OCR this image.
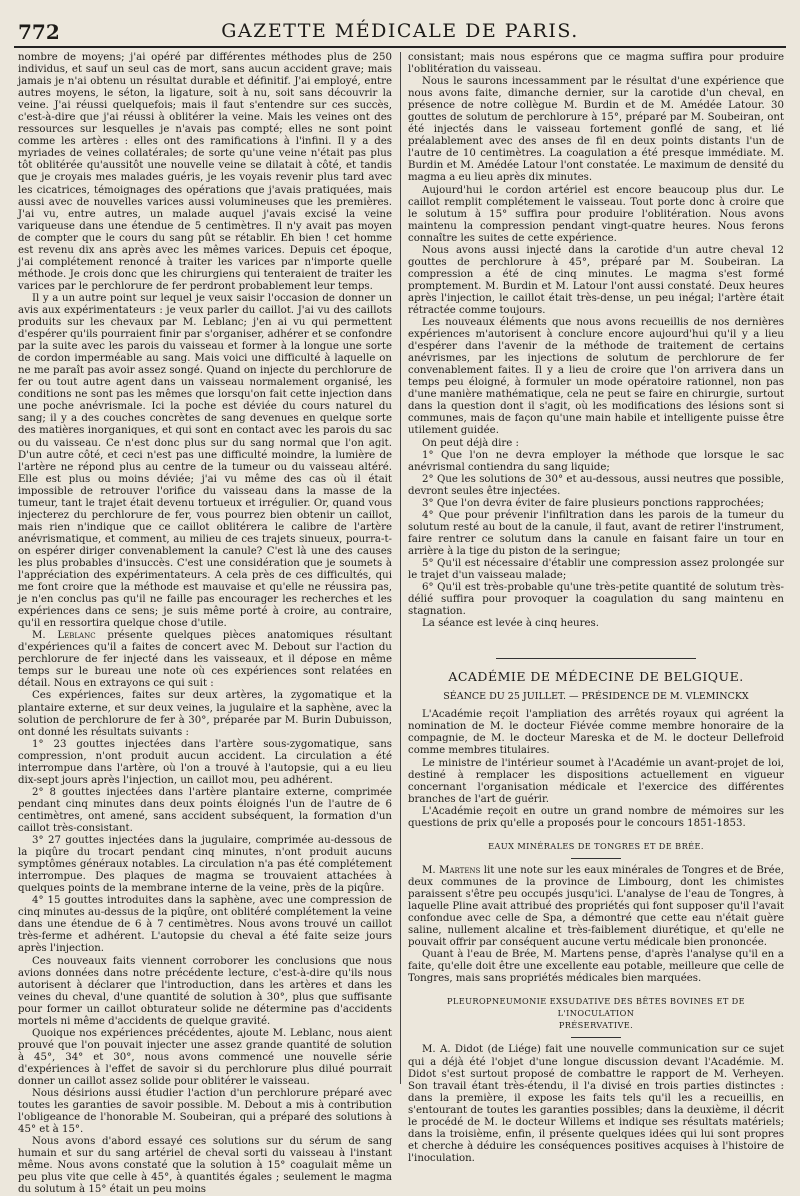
772	GAZETTE MÉDICALE DE PARIS.

nombre de moyens; j'ai opéré par différentes méthodes plus de 250 individus, et sauf un seul cas de mort, sans aucun accident grave; mais jamais je n'ai obtenu un résultat durable et définitif. J'ai employé, entre autres moyens, le séton, la ligature, soit à nu, soit sans découvrir la veine. J'ai réussi quelquefois; mais il faut s'entendre sur ces succès, c'est-à-dire que j'ai réussi à oblitérer la veine. Mais les veines ont des ressources sur lesquelles je n'avais pas compté; elles ne sont point comme les artères : elles ont des ramifications à l'infini. Il y a des myriades de veines collatérales; de sorte qu'une veine n'était pas plus tôt oblitérée qu'aussitôt une nouvelle veine se dilatait à côté, et tandis que je croyais mes malades guéris, je les voyais revenir plus tard avec les cicatrices, témoignages des opérations que j'avais pratiquées, mais aussi avec de nouvelles varices aussi volumineuses que les premières. J'ai vu, entre autres, un malade auquel j'avais excisé la veine variqueuse dans une étendue de 5 centimètres. Il n'y avait pas moyen de compter que le cours du sang pût se rétablir. Eh bien ! cet homme est revenu dix ans après avec les mêmes varices. Depuis cet époque, j'ai complétement renoncé à traiter les varices par n'importe quelle méthode. Je crois donc que les chirurgiens qui tenteraient de traiter les varices par le perchlorure de fer perdront probablement leur temps.

Il y a un autre point sur lequel je veux saisir l'occasion de donner un avis aux expérimentateurs : je veux parler du caillot. J'ai vu des caillots produits sur les chevaux par M. Leblanc; j'en ai vu qui permettent d'espérer qu'ils pourraient finir par s'organiser, adhérer et se confondre par la suite avec les parois du vaisseau et former à la longue une sorte de cordon imperméable au sang. Mais voici une difficulté à laquelle on ne me paraît pas avoir assez songé. Quand on injecte du perchlorure de fer ou tout autre agent dans un vaisseau normalement organisé, les conditions ne sont pas les mêmes que lorsqu'on fait cette injection dans une poche anévrismale. Ici la poche est déviée du cours naturel du sang; il y a des couches concrètes de sang devenues en quelque sorte des matières inorganiques, et qui sont en contact avec les parois du sac ou du vaisseau. Ce n'est donc plus sur du sang normal que l'on agit. D'un autre côté, et ceci n'est pas une difficulté moindre, la lumière de l'artère ne répond plus au centre de la tumeur ou du vaisseau altéré. Elle est plus ou moins déviée; j'ai vu même des cas où il était impossible de retrouver l'orifice du vaisseau dans la masse de la tumeur, tant le trajet était devenu tortueux et irrégulier. Or, quand vous injecterez du perchlorure de fer, vous pourrez bien obtenir un caillot, mais rien n'indique que ce caillot oblitérera le calibre de l'artère anévrismatique, et comment, au milieu de ces trajets sinueux, pourra-t-on espérer diriger convenablement la canule? C'est là une des causes les plus probables d'insuccès. C'est une considération que je soumets à l'appréciation des expérimentateurs. A cela près de ces difficultés, qui me font croire que la méthode est mauvaise et qu'elle ne réussira pas, je n'en conclus pas qu'il ne faille pas encourager les recherches et les expériences dans ce sens; je suis même porté à croire, au contraire, qu'il en ressortira quelque chose d'utile.

M. Leblanc présente quelques pièces anatomiques résultant d'expériences qu'il a faites de concert avec M. Debout sur l'action du perchlorure de fer injecté dans les vaisseaux, et il dépose en même temps sur le bureau une note où ces expériences sont relatées en détail. Nous en extrayons ce qui suit :

Ces expériences, faites sur deux artères, la zygomatique et la plantaire externe, et sur deux veines, la jugulaire et la saphène, avec la solution de perchlorure de fer à 30°, préparée par M. Burin Dubuisson, ont donné les résultats suivants :

1° 23 gouttes injectées dans l'artère sous-zygomatique, sans compression, n'ont produit aucun accident. La circulation a été interrompue dans l'artère, où l'on a trouvé à l'autopsie, qui a eu lieu dix-sept jours après l'injection, un caillot mou, peu adhérent.

2° 8 gouttes injectées dans l'artère plantaire externe, comprimée pendant cinq minutes dans deux points éloignés l'un de l'autre de 6 centimètres, ont amené, sans accident subséquent, la formation d'un caillot très-consistant.

3° 27 gouttes injectées dans la jugulaire, comprimée au-dessous de la piqûre du trocart pendant cinq minutes, n'ont produit aucuns symptômes généraux notables. La circulation n'a pas été complétement interrompue. Des plaques de magma se trouvaient attachées à quelques points de la membrane interne de la veine, près de la piqûre.

4° 15 gouttes introduites dans la saphène, avec une compression de cinq minutes au-dessus de la piqûre, ont oblitéré complétement la veine dans une étendue de 6 à 7 centimètres. Nous avons trouvé un caillot très-ferme et adhérent. L'autopsie du cheval a été faite seize jours après l'injection.

Ces nouveaux faits viennent corroborer les conclusions que nous avions données dans notre précédente lecture, c'est-à-dire qu'ils nous autorisent à déclarer que l'introduction, dans les artères et dans les veines du cheval, d'une quantité de solution à 30°, plus que suffisante pour former un caillot obturateur solide ne détermine pas d'accidents mortels ni même d'accidents de quelque gravité.

Quoique nos expériences précédentes, ajoute M. Leblanc, nous aient prouvé que l'on pouvait injecter une assez grande quantité de solution à 45°, 34° et 30°, nous avons commencé une nouvelle série d'expériences à l'effet de savoir si du perchlorure plus dilué pourrait donner un caillot assez solide pour oblitérer le vaisseau.

Nous désirions aussi étudier l'action d'un perchlorure préparé avec toutes les garanties de savoir possible. M. Debout a mis à contribution l'obligeance de l'honorable M. Soubeiran, qui a préparé des solutions à 45° et à 15°.

Nous avons d'abord essayé ces solutions sur du sérum de sang humain et sur du sang artériel de cheval sorti du vaisseau à l'instant même. Nous avons constaté que la solution à 15° coagulait même un peu plus vite que celle à 45°, à quantités égales ; seulement le magma du solutum à 15° était un peu moins

consistant; mais nous espérons que ce magma suffira pour produire l'oblitération du vaisseau.

Nous le saurons incessamment par le résultat d'une expérience que nous avons faite, dimanche dernier, sur la carotide d'un cheval, en présence de notre collègue M. Burdin et de M. Amédée Latour. 30 gouttes de solutum de perchlorure à 15°, préparé par M. Soubeiran, ont été injectés dans le vaisseau fortement gonflé de sang, et lié préalablement avec des anses de fil en deux points distants l'un de l'autre de 10 centimètres. La coagulation a été presque immédiate. M. Burdin et M. Amédée Latour l'ont constatée. Le maximum de densité du magma a eu lieu après dix minutes.

Aujourd'hui le cordon artériel est encore beaucoup plus dur. Le caillot remplit complétement le vaisseau. Tout porte donc à croire que le solutum à 15° suffira pour produire l'oblitération. Nous avons maintenu la compression pendant vingt-quatre heures. Nous ferons connaître les suites de cette expérience.

Nous avons aussi injecté dans la carotide d'un autre cheval 12 gouttes de perchlorure à 45°, préparé par M. Soubeiran. La compression a été de cinq minutes. Le magma s'est formé promptement. M. Burdin et M. Latour l'ont aussi constaté. Deux heures après l'injection, le caillot était très-dense, un peu inégal; l'artère était rétractée comme toujours.

Les nouveaux éléments que nous avons recueillis de nos dernières expériences m'autorisent à conclure encore aujourd'hui qu'il y a lieu d'espérer dans l'avenir de la méthode de traitement de certains anévrismes, par les injections de solutum de perchlorure de fer convenablement faites. Il y a lieu de croire que l'on arrivera dans un temps peu éloigné, à formuler un mode opératoire rationnel, non pas d'une manière mathématique, cela ne peut se faire en chirurgie, surtout dans la question dont il s'agit, où les modifications des lésions sont si communes, mais de façon qu'une main habile et intelligente puisse être utilement guidée.

On peut déjà dire :

1° Que l'on ne devra employer la méthode que lorsque le sac anévrismal contiendra du sang liquide;

2° Que les solutions de 30° et au-dessous, aussi neutres que possible, devront seules être injectées.

3° Que l'on devra éviter de faire plusieurs ponctions rapprochées;

4° Que pour prévenir l'infiltration dans les parois de la tumeur du solutum resté au bout de la canule, il faut, avant de retirer l'instrument, faire rentrer ce solutum dans la canule en faisant faire un tour en arrière à la tige du piston de la seringue;

5° Qu'il est nécessaire d'établir une compression assez prolongée sur le trajet d'un vaisseau malade;

6° Qu'il est très-probable qu'une très-petite quantité de solutum très-délié suffira pour provoquer la coagulation du sang maintenu en stagnation.

La séance est levée à cinq heures.

ACADÉMIE DE MÉDECINE DE BELGIQUE.
SÉANCE DU 25 JUILLET. — PRÉSIDENCE DE M. VLEMINCKX

L'Académie reçoit l'ampliation des arrêtés royaux qui agréent la nomination de M. le docteur Fiévée comme membre honoraire de la compagnie, de M. le docteur Mareska et de M. le docteur Dellefroid comme membres titulaires.

Le ministre de l'intérieur soumet à l'Académie un avant-projet de loi, destiné à remplacer les dispositions actuellement en vigueur concernant l'organisation médicale et l'exercice des différentes branches de l'art de guérir.

L'Académie reçoit en outre un grand nombre de mémoires sur les questions de prix qu'elle a proposés pour le concours 1851-1853.

EAUX MINÉRALES DE TONGRES ET DE BRÉE.

M. Martens lit une note sur les eaux minérales de Tongres et de Brée, deux communes de la province de Limbourg, dont les chimistes paraissent s'être peu occupés jusqu'ici. L'analyse de l'eau de Tongres, à laquelle Pline avait attribué des propriétés qui font supposer qu'il l'avait confondue avec celle de Spa, a démontré que cette eau n'était guère saline, nullement alcaline et très-faiblement diurétique, et qu'elle ne pouvait offrir par conséquent aucune vertu médicale bien prononcée.

Quant à l'eau de Brée, M. Martens pense, d'après l'analyse qu'il en a faite, qu'elle doit être une excellente eau potable, meilleure que celle de Tongres, mais sans propriétés médicales bien marquées.

PLEUROPNEUMONIE EXSUDATIVE DES BÊTES BOVINES ET DE L'INOCULATION
PRÉSERVATIVE.

M. A. Didot (de Liége) fait une nouvelle communication sur ce sujet qui a déjà été l'objet d'une longue discussion devant l'Académie. M. Didot s'est surtout proposé de combattre le rapport de M. Verheyen. Son travail étant très-étendu, il l'a divisé en trois parties distinctes : dans la première, il expose les faits tels qu'il les a recueillis, en s'entourant de toutes les garanties possibles; dans la deuxième, il décrit le procédé de M. le docteur Willems et indique ses résultats matériels; dans la troisième, enfin, il présente quelques idées qui lui sont propres et cherche à déduire les conséquences positives acquises à l'histoire de l'inoculation.
